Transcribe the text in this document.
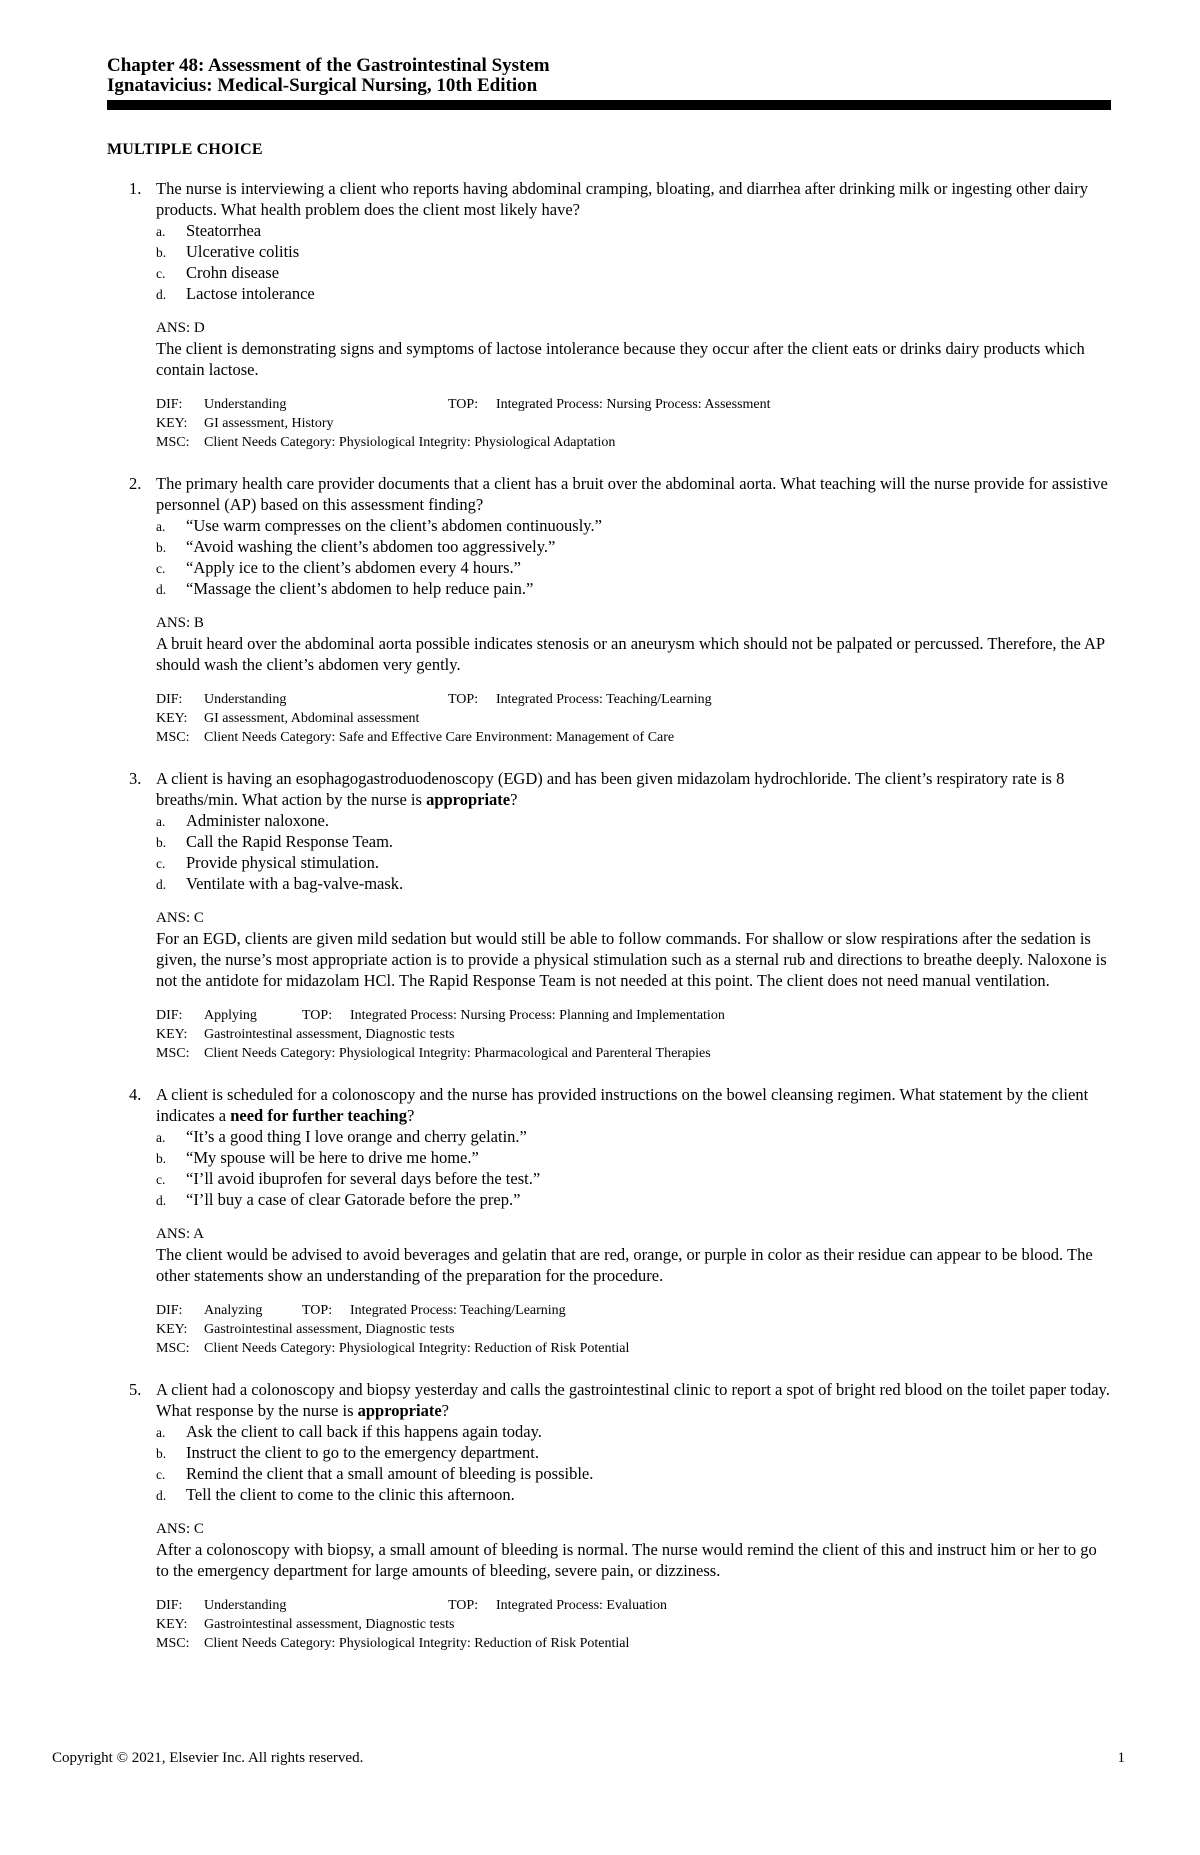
Chapter 48: Assessment of the Gastrointestinal System
Ignatavicius: Medical-Surgical Nursing, 10th Edition
MULTIPLE CHOICE
1. The nurse is interviewing a client who reports having abdominal cramping, bloating, and diarrhea after drinking milk or ingesting other dairy products. What health problem does the client most likely have?
a. Steatorrhea
b. Ulcerative colitis
c. Crohn disease
d. Lactose intolerance
ANS: D
The client is demonstrating signs and symptoms of lactose intolerance because they occur after the client eats or drinks dairy products which contain lactose.
DIF: Understanding	TOP: Integrated Process: Nursing Process: Assessment
KEY: GI assessment, History
MSC: Client Needs Category: Physiological Integrity: Physiological Adaptation
2. The primary health care provider documents that a client has a bruit over the abdominal aorta. What teaching will the nurse provide for assistive personnel (AP) based on this assessment finding?
a. “Use warm compresses on the client’s abdomen continuously.”
b. “Avoid washing the client’s abdomen too aggressively.”
c. “Apply ice to the client’s abdomen every 4 hours.”
d. “Massage the client’s abdomen to help reduce pain.”
ANS: B
A bruit heard over the abdominal aorta possible indicates stenosis or an aneurysm which should not be palpated or percussed. Therefore, the AP should wash the client’s abdomen very gently.
DIF: Understanding	TOP: Integrated Process: Teaching/Learning
KEY: GI assessment, Abdominal assessment
MSC: Client Needs Category: Safe and Effective Care Environment: Management of Care
3. A client is having an esophagogastroduodenoscopy (EGD) and has been given midazolam hydrochloride. The client’s respiratory rate is 8 breaths/min. What action by the nurse is appropriate?
a. Administer naloxone.
b. Call the Rapid Response Team.
c. Provide physical stimulation.
d. Ventilate with a bag-valve-mask.
ANS: C
For an EGD, clients are given mild sedation but would still be able to follow commands. For shallow or slow respirations after the sedation is given, the nurse’s most appropriate action is to provide a physical stimulation such as a sternal rub and directions to breathe deeply. Naloxone is not the antidote for midazolam HCl. The Rapid Response Team is not needed at this point. The client does not need manual ventilation.
DIF: Applying	TOP: Integrated Process: Nursing Process: Planning and Implementation
KEY: Gastrointestinal assessment, Diagnostic tests
MSC: Client Needs Category: Physiological Integrity: Pharmacological and Parenteral Therapies
4. A client is scheduled for a colonoscopy and the nurse has provided instructions on the bowel cleansing regimen. What statement by the client indicates a need for further teaching?
a. “It’s a good thing I love orange and cherry gelatin.”
b. “My spouse will be here to drive me home.”
c. “I’ll avoid ibuprofen for several days before the test.”
d. “I’ll buy a case of clear Gatorade before the prep.”
ANS: A
The client would be advised to avoid beverages and gelatin that are red, orange, or purple in color as their residue can appear to be blood. The other statements show an understanding of the preparation for the procedure.
DIF: Analyzing	TOP: Integrated Process: Teaching/Learning
KEY: Gastrointestinal assessment, Diagnostic tests
MSC: Client Needs Category: Physiological Integrity: Reduction of Risk Potential
5. A client had a colonoscopy and biopsy yesterday and calls the gastrointestinal clinic to report a spot of bright red blood on the toilet paper today. What response by the nurse is appropriate?
a. Ask the client to call back if this happens again today.
b. Instruct the client to go to the emergency department.
c. Remind the client that a small amount of bleeding is possible.
d. Tell the client to come to the clinic this afternoon.
ANS: C
After a colonoscopy with biopsy, a small amount of bleeding is normal. The nurse would remind the client of this and instruct him or her to go to the emergency department for large amounts of bleeding, severe pain, or dizziness.
DIF: Understanding	TOP: Integrated Process: Evaluation
KEY: Gastrointestinal assessment, Diagnostic tests
MSC: Client Needs Category: Physiological Integrity: Reduction of Risk Potential
Copyright © 2021, Elsevier Inc. All rights reserved.	1
